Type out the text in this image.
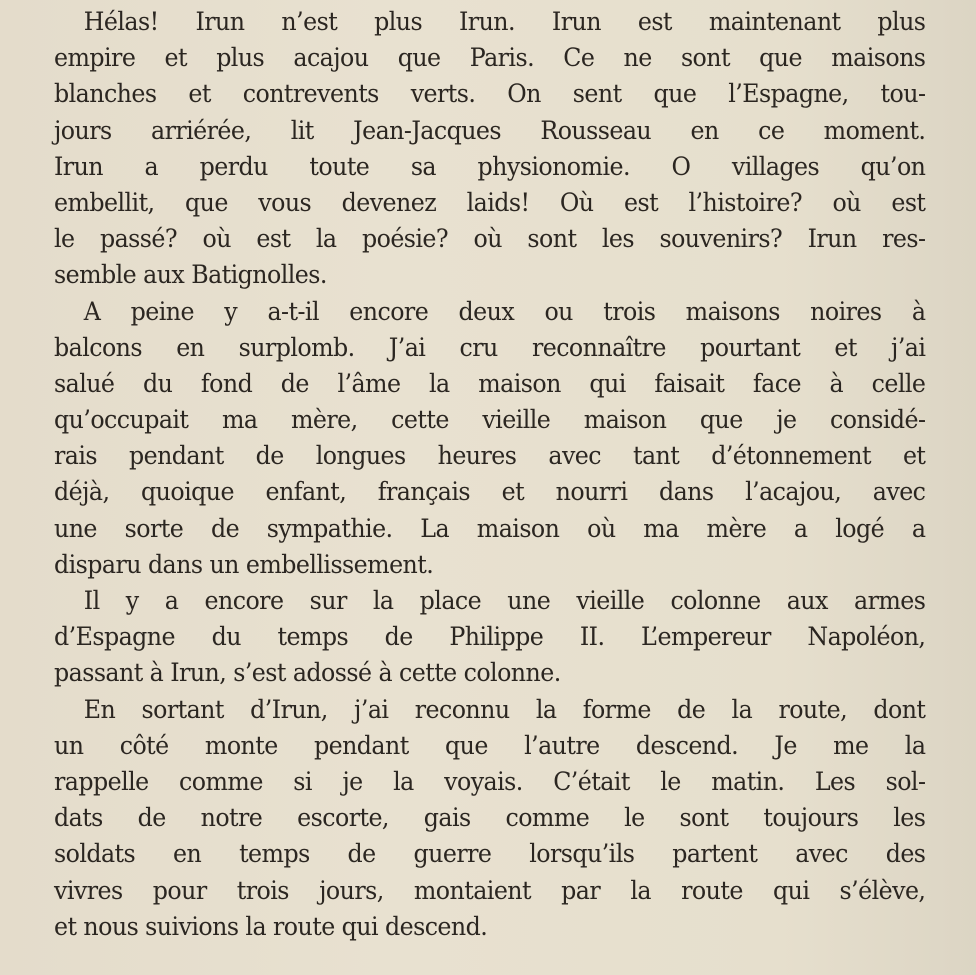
Hélas! Irun n’est plus Irun. Irun est maintenant plus
empire et plus acajou que Paris. Ce ne sont que maisons
blanches et contrevents verts. On sent que l’Espagne, tou-
jours arriérée, lit Jean-Jacques Rousseau en ce moment.
Irun a perdu toute sa physionomie. O villages qu’on
embellit, que vous devenez laids! Où est l’histoire? où est
le passé? où est la poésie? où sont les souvenirs? Irun res-
semble aux Batignolles.
A peine y a-t-il encore deux ou trois maisons noires à
balcons en surplomb. J’ai cru reconnaître pourtant et j’ai
salué du fond de l’âme la maison qui faisait face à celle
qu’occupait ma mère, cette vieille maison que je considé-
rais pendant de longues heures avec tant d’étonnement et
déjà, quoique enfant, français et nourri dans l’acajou, avec
une sorte de sympathie. La maison où ma mère a logé a
disparu dans un embellissement.
Il y a encore sur la place une vieille colonne aux armes
d’Espagne du temps de Philippe II. L’empereur Napoléon,
passant à Irun, s’est adossé à cette colonne.
En sortant d’Irun, j’ai reconnu la forme de la route, dont
un côté monte pendant que l’autre descend. Je me la
rappelle comme si je la voyais. C’était le matin. Les sol-
dats de notre escorte, gais comme le sont toujours les
soldats en temps de guerre lorsqu’ils partent avec des
vivres pour trois jours, montaient par la route qui s’élève,
et nous suivions la route qui descend.
